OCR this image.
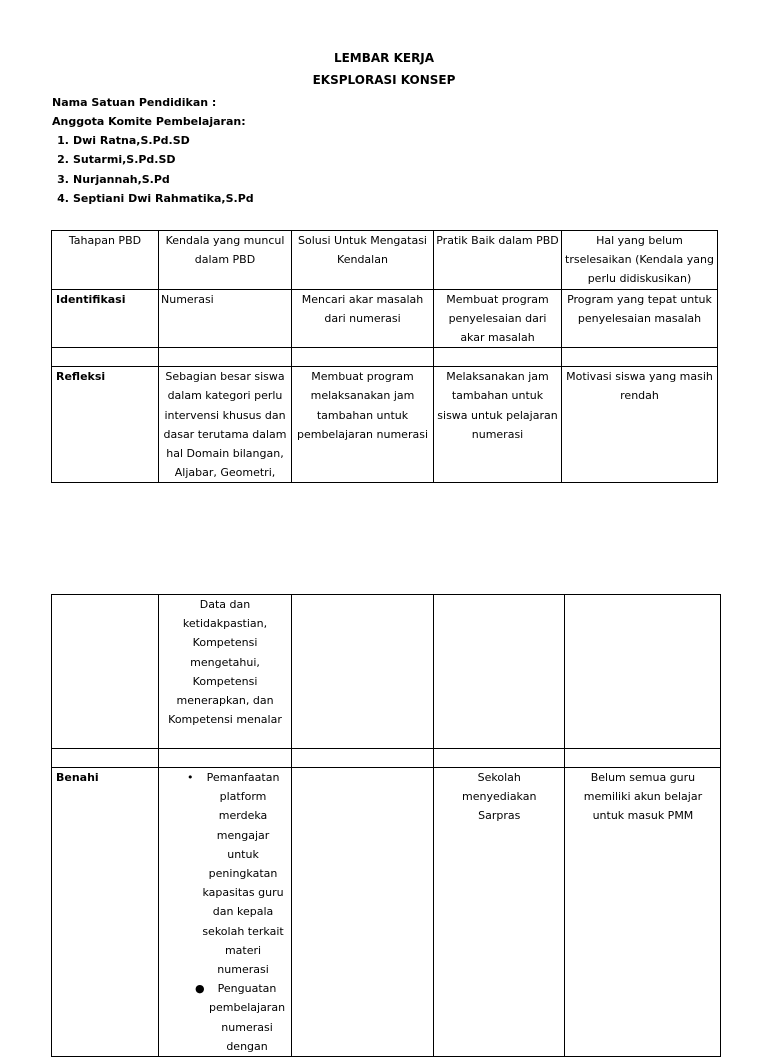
LEMBAR KERJA
EKSPLORASI KONSEP
Nama Satuan Pendidikan :
Anggota Komite Pembelajaran:
1. Dwi Ratna,S.Pd.SD
2. Sutarmi,S.Pd.SD
3. Nurjannah,S.Pd
4. Septiani Dwi Rahmatika,S.Pd
Tahapan PBD	Kendala yang muncul dalam PBD	Solusi Untuk Mengatasi Kendalan	Pratik Baik dalam PBD	Hal yang belum trselesaikan (Kendala yang perlu didiskusikan)
Identifikasi	Numerasi	Mencari akar masalah dari numerasi	Membuat program penyelesaian dari akar masalah	Program yang tepat untuk penyelesaian masalah

Refleksi	Sebagian besar siswa dalam kategori perlu intervensi khusus dan dasar terutama dalam hal Domain bilangan, Aljabar, Geometri,	Membuat program melaksanakan jam tambahan untuk pembelajaran numerasi	Melaksanakan jam tambahan untuk siswa untuk pelajaran numerasi	Motivasi siswa yang masih rendah
	Data dan ketidakpastian, Kompetensi mengetahui, Kompetensi menerapkan, dan Kompetensi menalar			

Benahi	• Pemanfaatan platform merdeka mengajar untuk peningkatan kapasitas guru dan kepala sekolah terkait materi numerasi
● Penguatan pembelajaran numerasi dengan		Sekolah menyediakan Sarpras	Belum semua guru memiliki akun belajar untuk masuk PMM
